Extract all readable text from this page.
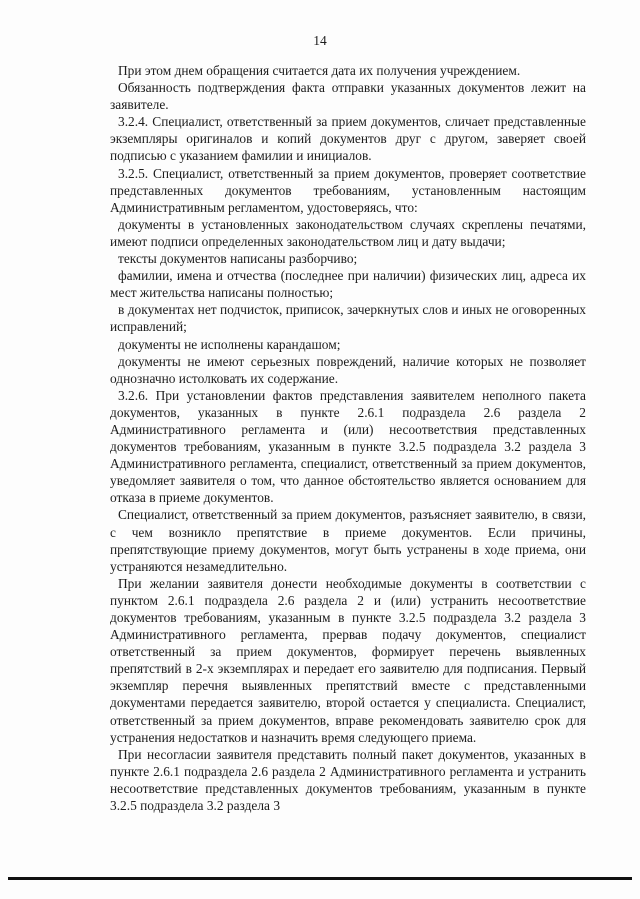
14

При этом днем обращения считается дата их получения учреждением.

Обязанность подтверждения факта отправки указанных документов лежит на заявителе.

3.2.4. Специалист, ответственный за прием документов, сличает представленные экземпляры оригиналов и копий документов друг с другом, заверяет своей подписью с указанием фамилии и инициалов.

3.2.5. Специалист, ответственный за прием документов, проверяет соответствие представленных документов требованиям, установленным настоящим Административным регламентом, удостоверяясь, что:

документы в установленных законодательством случаях скреплены печатями, имеют подписи определенных законодательством лиц и дату выдачи;

тексты документов написаны разборчиво;

фамилии, имена и отчества (последнее при наличии) физических лиц, адреса их мест жительства написаны полностью;

в документах нет подчисток, приписок, зачеркнутых слов и иных не оговоренных исправлений;

документы не исполнены карандашом;

документы не имеют серьезных повреждений, наличие которых не позволяет однозначно истолковать их содержание.

3.2.6. При установлении фактов представления заявителем неполного пакета документов, указанных в пункте 2.6.1 подраздела 2.6 раздела 2 Административного регламента и (или) несоответствия представленных документов требованиям, указанным в пункте 3.2.5 подраздела 3.2 раздела 3 Административного регламента, специалист, ответственный за прием документов, уведомляет заявителя о том, что данное обстоятельство является основанием для отказа в приеме документов.

Специалист, ответственный за прием документов, разъясняет заявителю, в связи, с чем возникло препятствие в приеме документов. Если причины, препятствующие приему документов, могут быть устранены в ходе приема, они устраняются незамедлительно.

При желании заявителя донести необходимые документы в соответствии с пунктом 2.6.1 подраздела 2.6 раздела 2 и (или) устранить несоответствие документов требованиям, указанным в пункте 3.2.5 подраздела 3.2 раздела 3 Административного регламента, прервав подачу документов, специалист ответственный за прием документов, формирует перечень выявленных препятствий в 2-х экземплярах и передает его заявителю для подписания. Первый экземпляр перечня выявленных препятствий вместе с представленными документами передается заявителю, второй остается у специалиста. Специалист, ответственный за прием документов, вправе рекомендовать заявителю срок для устранения недостатков и назначить время следующего приема.

При несогласии заявителя представить полный пакет документов, указанных в пункте 2.6.1 подраздела 2.6 раздела 2 Административного регламента и устранить несоответствие представленных документов требованиям, указанным в пункте 3.2.5 подраздела 3.2 раздела 3
